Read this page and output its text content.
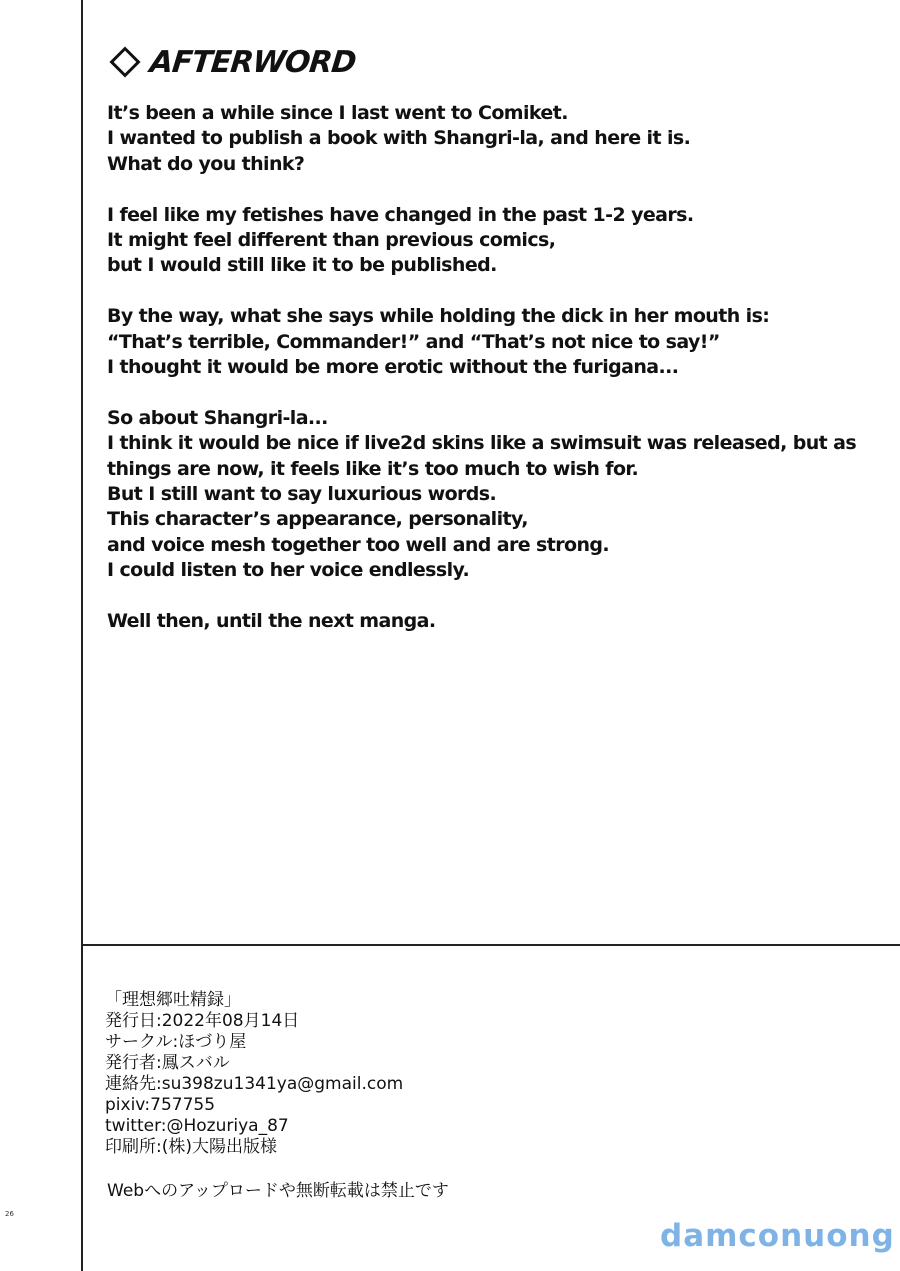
AFTERWORD
It’s been a while since I last went to Comiket.
I wanted to publish a book with Shangri-la, and here it is.
What do you think?
I feel like my fetishes have changed in the past 1-2 years.
It might feel different than previous comics,
but I would still like it to be published.
By the way, what she says while holding the dick in her mouth is:
“That’s terrible, Commander!” and “That’s not nice to say!”
I thought it would be more erotic without the furigana...
So about Shangri-la...
I think it would be nice if live2d skins like a swimsuit was released, but as
things are now, it feels like it’s too much to wish for.
But I still want to say luxurious words.
This character’s appearance, personality,
and voice mesh together too well and are strong.
I could listen to her voice endlessly.
Well then, until the next manga.
「理想郷吐精録」
発行日:2022年08月14日
サークル:ほづり屋
発行者:鳳スバル
連絡先:su398zu1341ya@gmail.com
pixiv:757755
twitter:@Hozuriya_87
印刷所:(株)大陽出版様
Webへのアップロードや無断転載は禁止です
26
damconuong
